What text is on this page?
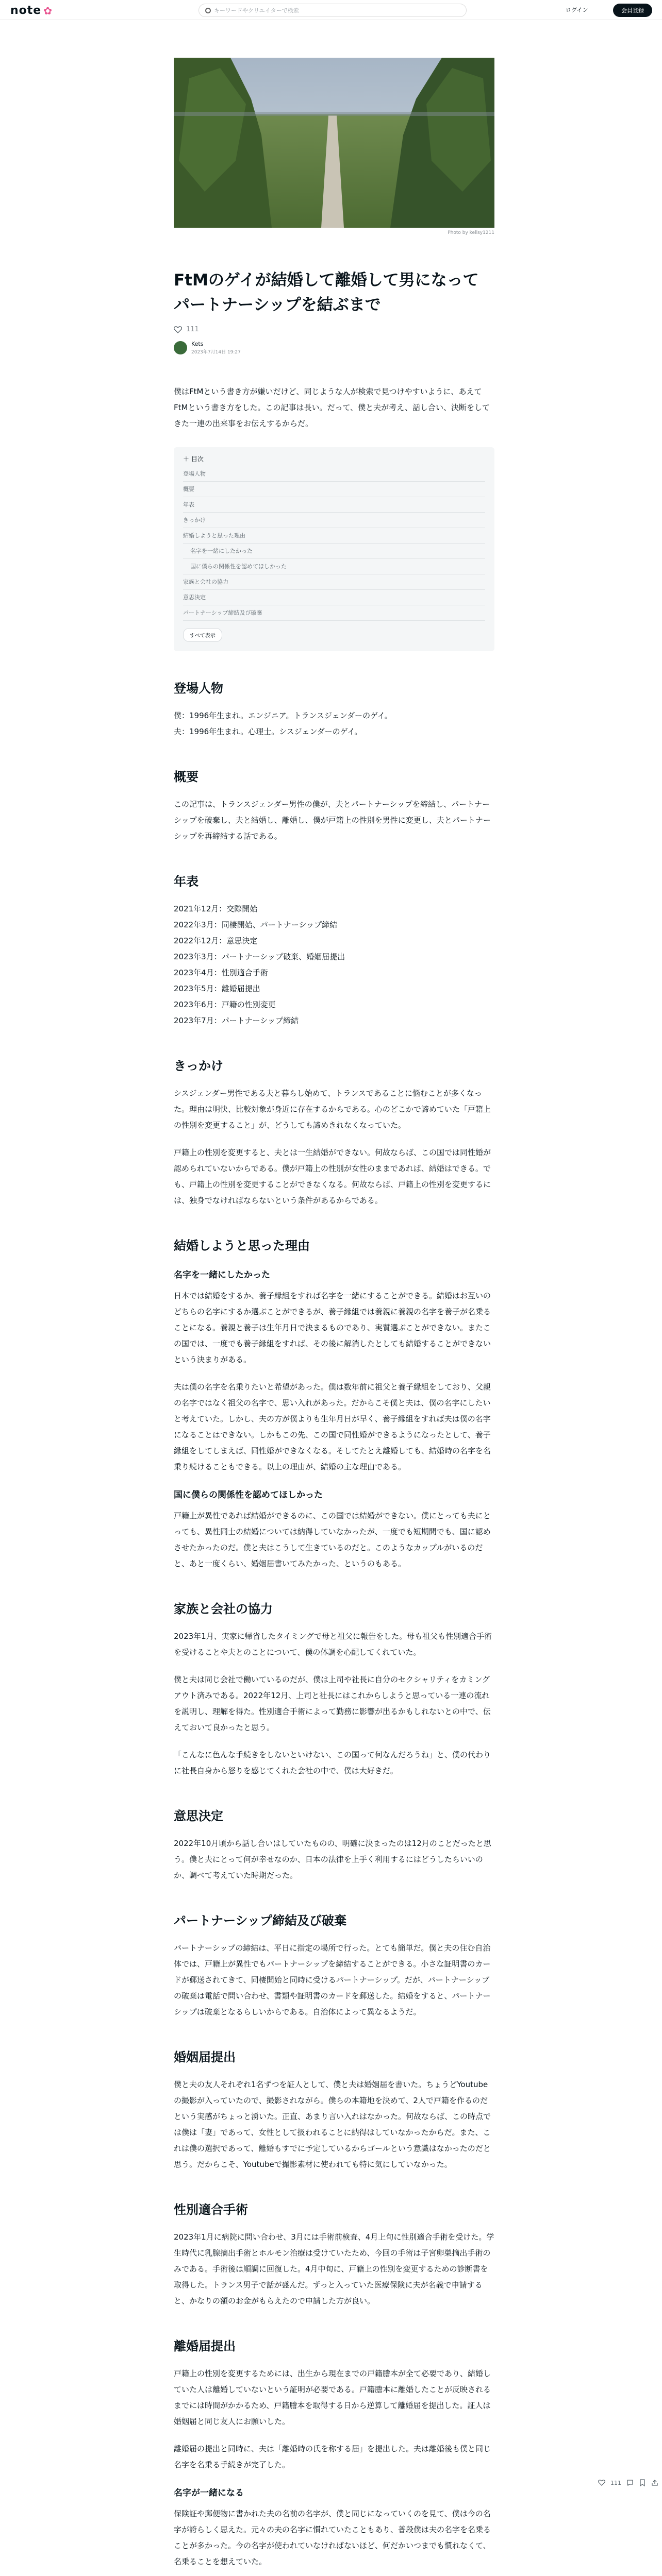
note ✿	キーワードやクリエイターで検索	ログイン	会員登録
Photo by kellsy1211
FtMのゲイが結婚して離婚して男になってパートナーシップを結ぶまで
111
Kets
2023年7月14日 19:27

僕はFtMという書き方が嫌いだけど、同じような人が検索で見つけやすいように、あえてFtMという書き方をした。この記事は長い。だって、僕と夫が考え、話し合い、決断をしてきた一連の出来事をお伝えするからだ。

＋ 目次
登場人物
概要
年表
きっかけ
結婚しようと思った理由
名字を一緒にしたかった
国に僕らの関係性を認めてほしかった
家族と会社の協力
意思決定
パートナーシップ締結及び破棄
すべて表示
登場人物

僕：1996年生まれ。エンジニア。トランスジェンダーのゲイ。

夫：1996年生まれ。心理士。シスジェンダーのゲイ。

概要

この記事は、トランスジェンダー男性の僕が、夫とパートナーシップを締結し、パートナーシップを破棄し、夫と結婚し、離婚し、僕が戸籍上の性別を男性に変更し、夫とパートナーシップを再締結する話である。

年表

2021年12月：交際開始

2022年3月：同棲開始、パートナーシップ締結

2022年12月：意思決定

2023年3月：パートナーシップ破棄、婚姻届提出

2023年4月：性別適合手術

2023年5月：離婚届提出

2023年6月：戸籍の性別変更

2023年7月：パートナーシップ締結

きっかけ

シスジェンダー男性である夫と暮らし始めて、トランスであることに悩むことが多くなった。理由は明快、比較対象が身近に存在するからである。心のどこかで諦めていた「戸籍上の性別を変更すること」が、どうしても諦めきれなくなっていた。

戸籍上の性別を変更すると、夫とは一生結婚ができない。何故ならば、この国では同性婚が認められていないからである。僕が戸籍上の性別が女性のままであれば、結婚はできる。でも、戸籍上の性別を変更することができなくなる。何故ならば、戸籍上の性別を変更するには、独身でなければならないという条件があるからである。

結婚しようと思った理由
名字を一緒にしたかった

日本では結婚をするか、養子縁組をすれば名字を一緒にすることができる。結婚はお互いのどちらの名字にするか選ぶことができるが、養子縁組では養親に養親の名字を養子が名乗ることになる。養親と養子は生年月日で決まるものであり、実質選ぶことができない。またこの国では、一度でも養子縁組をすれば、その後に解消したとしても結婚することができないという決まりがある。

夫は僕の名字を名乗りたいと希望があった。僕は数年前に祖父と養子縁組をしており、父親の名字ではなく祖父の名字で、思い入れがあった。だからこそ僕と夫は、僕の名字にしたいと考えていた。しかし、夫の方が僕よりも生年月日が早く、養子縁組をすれば夫は僕の名字になることはできない。しかもこの先、この国で同性婚ができるようになったとして、養子縁組をしてしまえば、同性婚ができなくなる。そしてたとえ離婚しても、結婚時の名字を名乗り続けることもできる。以上の理由が、結婚の主な理由である。

国に僕らの関係性を認めてほしかった

戸籍上が異性であれば結婚ができるのに、この国では結婚ができない。僕にとっても夫にとっても、異性同士の結婚については納得していなかったが、一度でも短期間でも、国に認めさせたかったのだ。僕と夫はこうして生きているのだと。このようなカップルがいるのだと、あと一度くらい、婚姻届書いてみたかった、というのもある。

家族と会社の協力

2023年1月、実家に帰省したタイミングで母と祖父に報告をした。母も祖父も性別適合手術を受けることや夫とのことについて、僕の体調を心配してくれていた。

僕と夫は同じ会社で働いているのだが、僕は上司や社長に自分のセクシャリティをカミングアウト済みである。2022年12月、上司と社長にはこれからしようと思っている一連の流れを説明し、理解を得た。性別適合手術によって勤務に影響が出るかもしれないとの中で、伝えておいて良かったと思う。

「こんなに色んな手続きをしないといけない、この国って何なんだろうね」と、僕の代わりに社長自身から怒りを感じてくれた会社の中で、僕は大好きだ。

意思決定

2022年10月頃から話し合いはしていたものの、明確に決まったのは12月のことだったと思う。僕と夫にとって何が幸せなのか、日本の法律を上手く利用するにはどうしたらいいのか、調べて考えていた時期だった。

パートナーシップ締結及び破棄

パートナーシップの締結は、平日に指定の場所で行った。とても簡単だ。僕と夫の住む自治体では、戸籍上が異性でもパートナーシップを締結することができる。小さな証明書のカードが郵送されてきて、同棲開始と同時に受けるパートナーシップ。だが、パートナーシップの破棄は電話で問い合わせ、書類や証明書のカードを郵送した。結婚をすると、パートナーシップは破棄となるらしいからである。自治体によって異なるようだ。

婚姻届提出

僕と夫の友人それぞれ1名ずつを証人として、僕と夫は婚姻届を書いた。ちょうどYoutubeの撮影が入っていたので、撮影されながら。僕らの本籍地を決めて、2人で戸籍を作るのだという実感がちょっと湧いた。正直、あまり言い入れはなかった。何故ならば、この時点では僕は「妻」であって、女性として扱われることに納得はしていなかったからだ。また、これは僕の選択であって、離婚もすでに予定しているからゴールという意識はなかったのだと思う。だからこそ、Youtubeで撮影素材に使われても特に気にしていなかった。

性別適合手術

2023年1月に病院に問い合わせ、3月には手術前検査、4月上旬に性別適合手術を受けた。学生時代に乳腺摘出手術とホルモン治療は受けていたため、今回の手術は子宮卵巣摘出手術のみである。手術後は順調に回復した。4月中旬に、戸籍上の性別を変更するための診断書を取得した。トランス男子で話が盛んだ。ずっと入っていた医療保険に夫が名義で申請すると、かなりの額のお金がもらえたので申請した方が良い。

離婚届提出

戸籍上の性別を変更するためには、出生から現在までの戸籍謄本が全て必要であり、結婚していた人は離婚していないという証明が必要である。戸籍謄本に離婚したことが反映されるまでには時間がかかるため、戸籍謄本を取得する日から逆算して離婚届を提出した。証人は婚姻届と同じ友人にお願いした。

離婚届の提出と同時に、夫は「離婚時の氏を称する届」を提出した。夫は離婚後も僕と同じ名字を名乗る手続きが完了した。

名字が一緒になる

保険証や郵便物に書かれた夫の名前の名字が、僕と同じになっていくのを見て、僕は今の名字が誇らしく思えた。元々の夫の名字に慣れていたこともあり、普段僕は夫の名字を名乗ることが多かった。今の名字が使われていなければないほど、何だかいつまでも慣れなくて、名乗ることを想えていた。

111
